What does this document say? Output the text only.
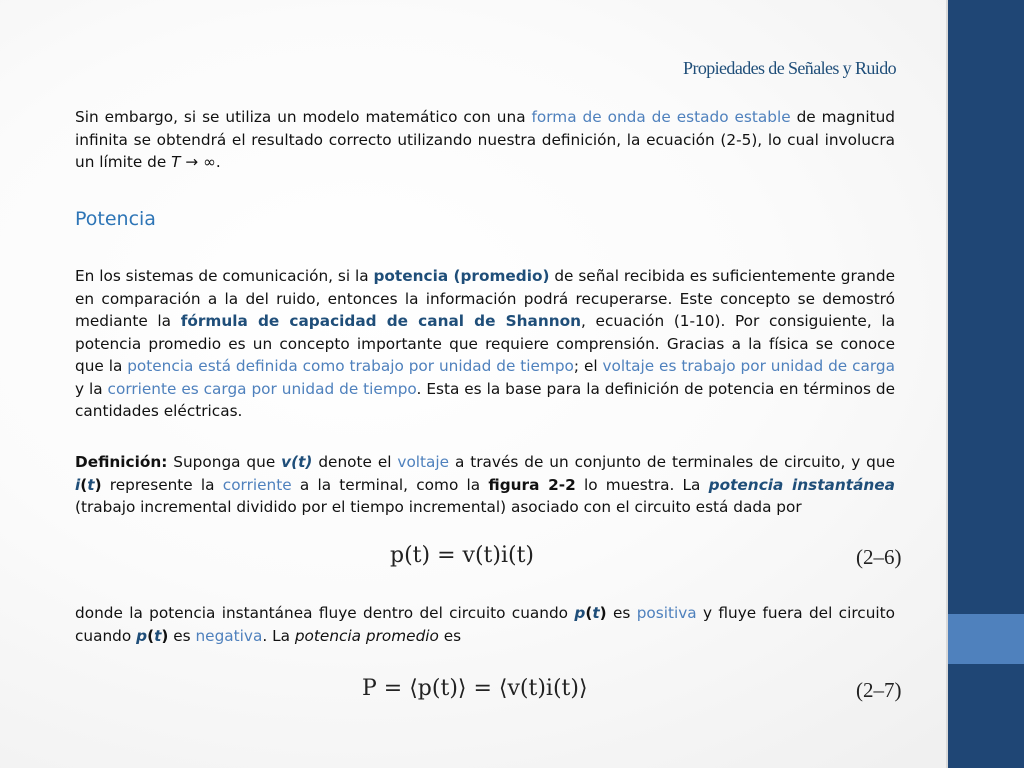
Propiedades de Señales y Ruido
Sin embargo, si se utiliza un modelo matemático con una forma de onda de estado estable de magnitud infinita se obtendrá el resultado correcto utilizando nuestra definición, la ecuación (2-5), lo cual involucra un límite de T → ∞.
Potencia
En los sistemas de comunicación, si la potencia (promedio) de señal recibida es suficientemente grande en comparación a la del ruido, entonces la información podrá recuperarse. Este concepto se demostró mediante la fórmula de capacidad de canal de Shannon, ecuación (1-10). Por consiguiente, la potencia promedio es un concepto importante que requiere comprensión. Gracias a la física se conoce que la potencia está definida como trabajo por unidad de tiempo; el voltaje es trabajo por unidad de carga y la corriente es carga por unidad de tiempo. Esta es la base para la definición de potencia en términos de cantidades eléctricas.
Definición: Suponga que v(t) denote el voltaje a través de un conjunto de terminales de circuito, y que i(t) represente la corriente a la terminal, como la figura 2-2 lo muestra. La potencia instantánea (trabajo incremental dividido por el tiempo incremental) asociado con el circuito está dada por
p(t) = v(t)i(t)	(2–6)
donde la potencia instantánea fluye dentro del circuito cuando p(t) es positiva y fluye fuera del circuito cuando p(t) es negativa. La potencia promedio es
P = ⟨p(t)⟩ = ⟨v(t)i(t)⟩	(2–7)
